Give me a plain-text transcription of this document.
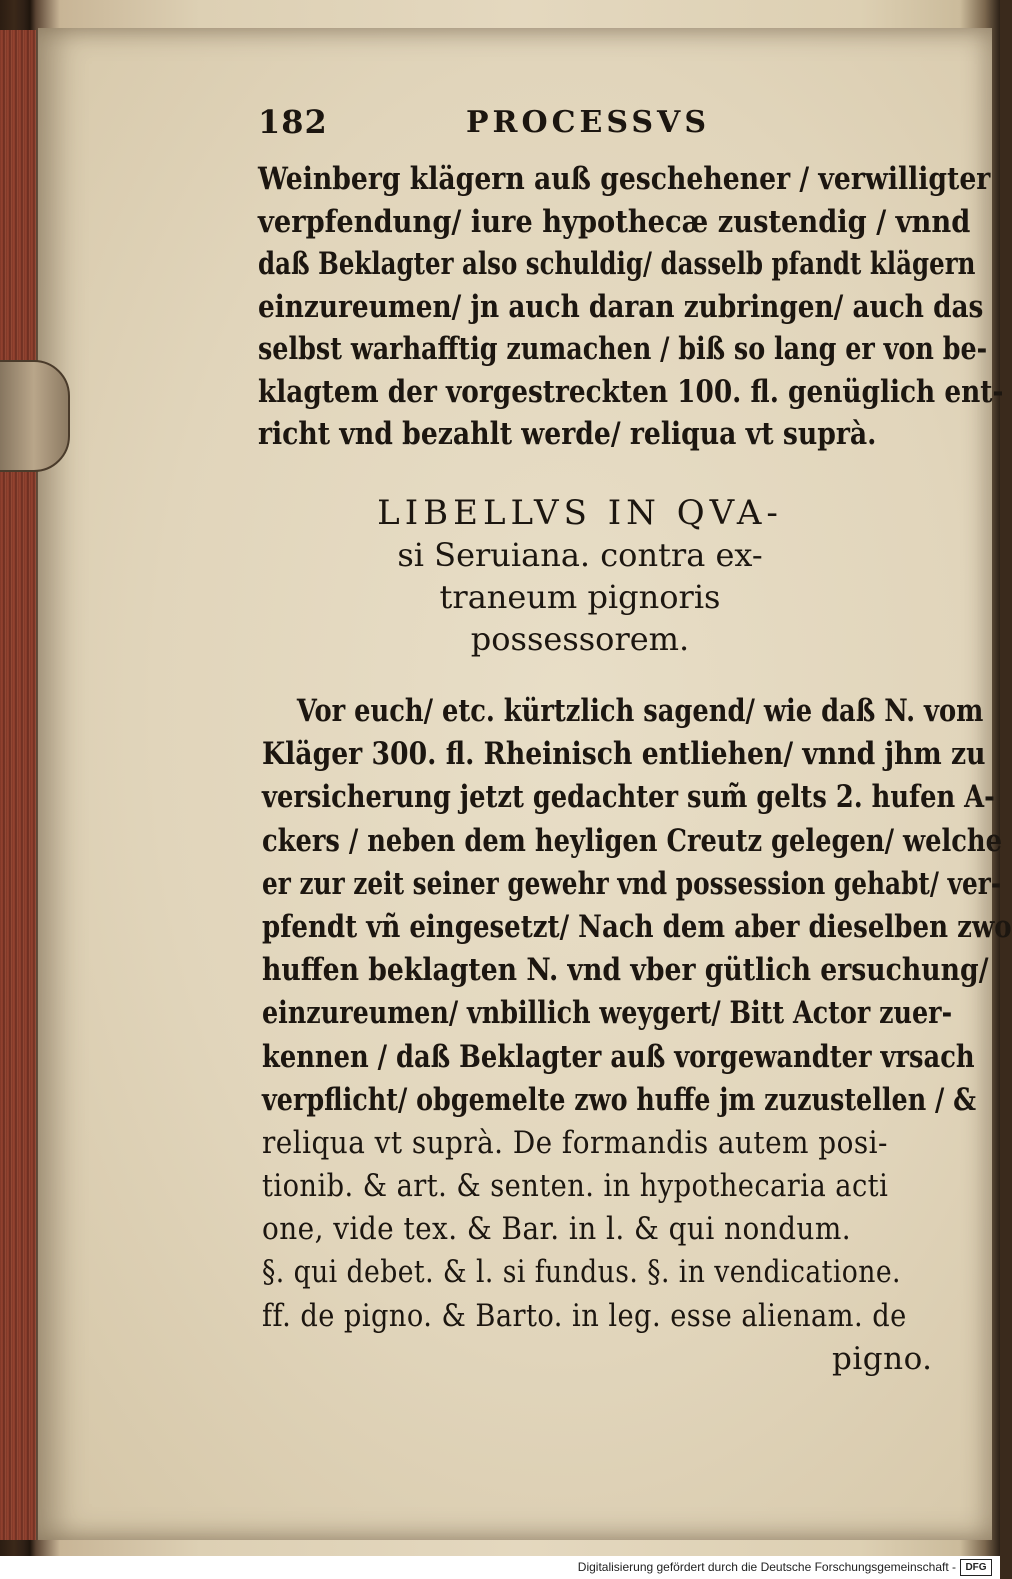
182	PROCESSVS
Weinberg klägern auß geschehener / verwilligter
verpfendung/ iure hypothecæ zustendig / vnnd
daß Beklagter also schuldig/ dasselb pfandt klägern
einzureumen/ jn auch daran zubringen/ auch das
selbst warhafftig zumachen / biß so lang er von be-
klagtem der vorgestreckten 100. fl. genüglich ent-
richt vnd bezahlt werde/ reliqua vt suprà.
LIBELLVS IN QVA-
si Seruiana. contra ex-
traneum pignoris
possessorem.
Vor euch/ etc. kürtzlich sagend/ wie daß N. vom
Kläger 300. fl. Rheinisch entliehen/ vnnd jhm zu
versicherung jetzt gedachter sum̃ gelts 2. hufen A-
ckers / neben dem heyligen Creutz gelegen/ welche
er zur zeit seiner gewehr vnd possession gehabt/ ver-
pfendt vñ eingesetzt/ Nach dem aber dieselben zwo
huffen beklagten N. vnd vber gütlich ersuchung/
einzureumen/ vnbillich weygert/ Bitt Actor zuer-
kennen / daß Beklagter auß vorgewandter vrsach
verpflicht/ obgemelte zwo huffe jm zuzustellen / &
reliqua vt suprà. De formandis autem posi-
tionib. & art. & senten. in hypothecaria acti
one, vide tex. & Bar. in l. & qui nondum.
§. qui debet. & l. si fundus. §. in vendicatione.
ff. de pigno. & Barto. in leg. esse alienam. de
pigno.
Digitalisierung gefördert durch die Deutsche Forschungsgemeinschaft - DFG
